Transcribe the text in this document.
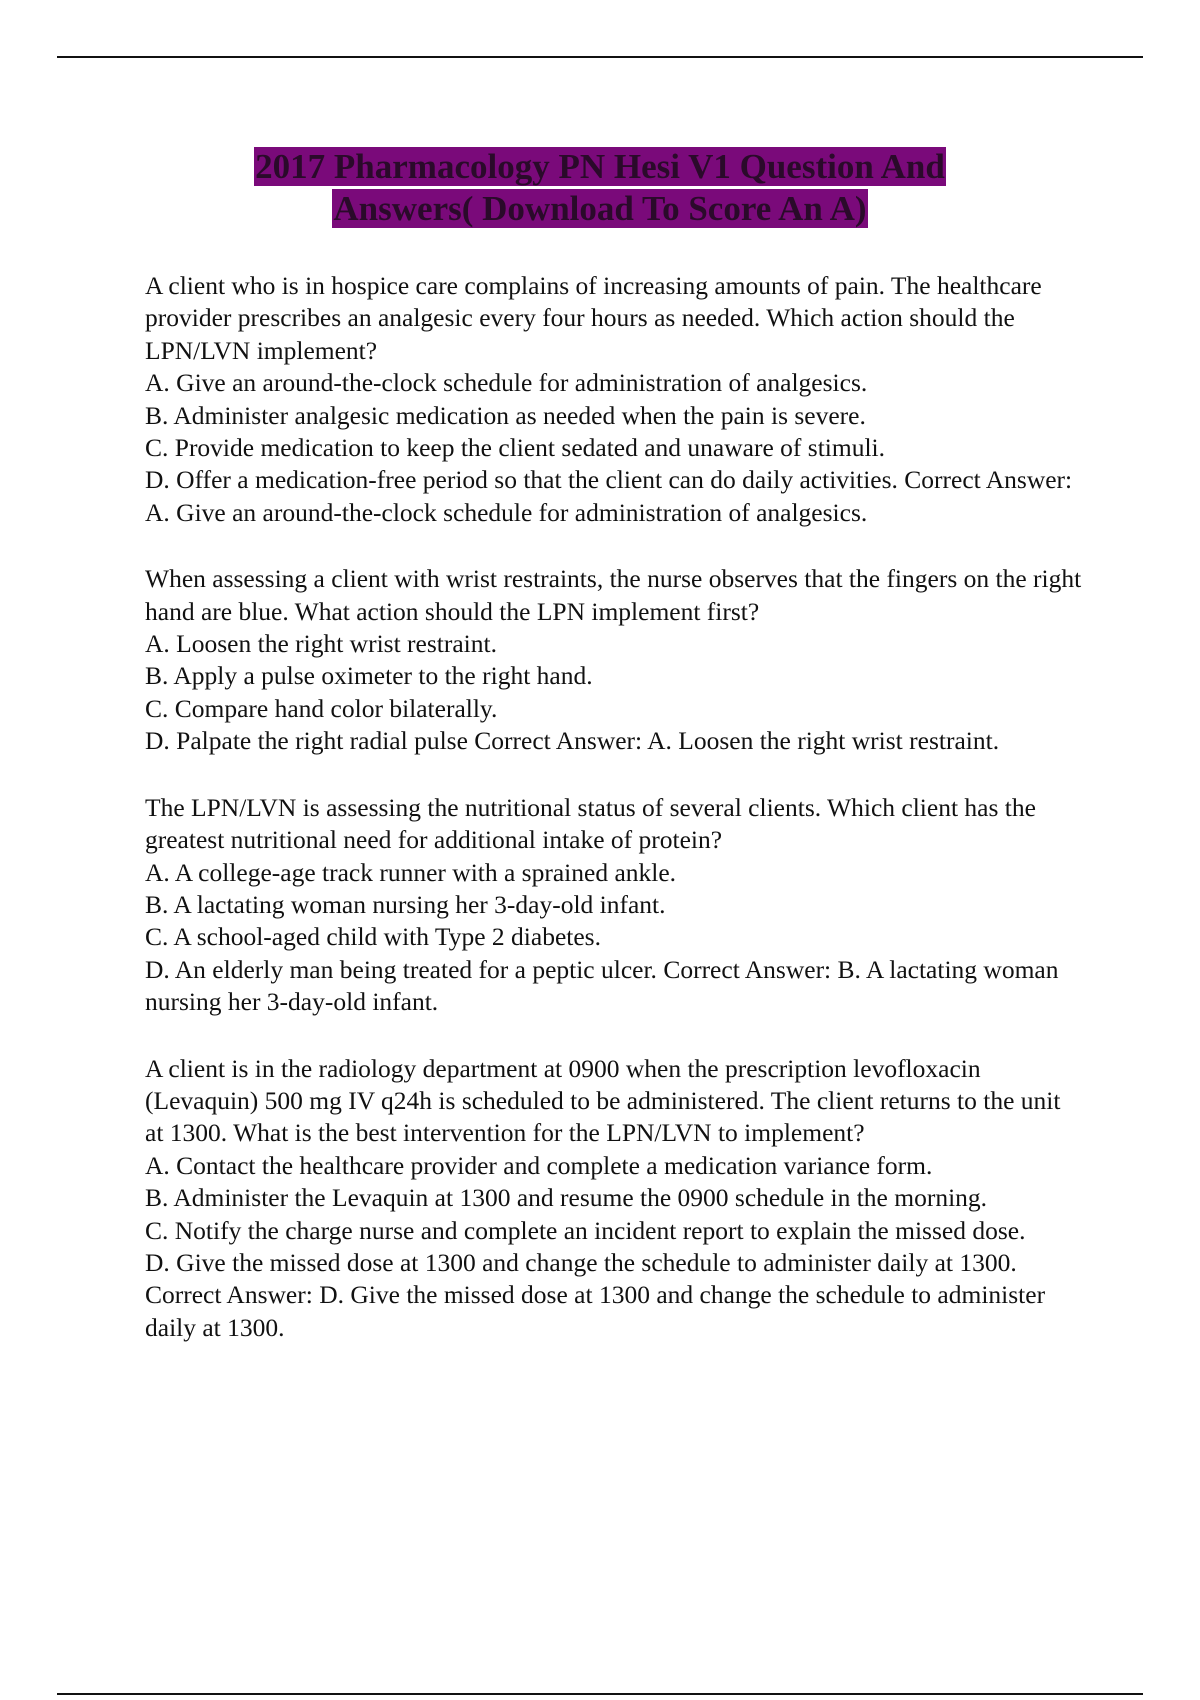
2017 Pharmacology PN Hesi V1 Question And
Answers( Download To Score An A)

A client who is in hospice care complains of increasing amounts of pain. The healthcare provider prescribes an analgesic every four hours as needed. Which action should the LPN/LVN implement?

A. Give an around-the-clock schedule for administration of analgesics.

B. Administer analgesic medication as needed when the pain is severe.

C. Provide medication to keep the client sedated and unaware of stimuli.

D. Offer a medication-free period so that the client can do daily activities. Correct Answer: A. Give an around-the-clock schedule for administration of analgesics.

When assessing a client with wrist restraints, the nurse observes that the fingers on the right hand are blue. What action should the LPN implement first?

A. Loosen the right wrist restraint.

B. Apply a pulse oximeter to the right hand.

C. Compare hand color bilaterally.

D. Palpate the right radial pulse Correct Answer: A. Loosen the right wrist restraint.

The LPN/LVN is assessing the nutritional status of several clients. Which client has the greatest nutritional need for additional intake of protein?

A. A college-age track runner with a sprained ankle.

B. A lactating woman nursing her 3-day-old infant.

C. A school-aged child with Type 2 diabetes.

D. An elderly man being treated for a peptic ulcer. Correct Answer: B. A lactating woman nursing her 3-day-old infant.

A client is in the radiology department at 0900 when the prescription levofloxacin (Levaquin) 500 mg IV q24h is scheduled to be administered. The client returns to the unit at 1300. What is the best intervention for the LPN/LVN to implement?

A. Contact the healthcare provider and complete a medication variance form.

B. Administer the Levaquin at 1300 and resume the 0900 schedule in the morning.

C. Notify the charge nurse and complete an incident report to explain the missed dose.

D. Give the missed dose at 1300 and change the schedule to administer daily at 1300. Correct Answer: D. Give the missed dose at 1300 and change the schedule to administer daily at 1300.
